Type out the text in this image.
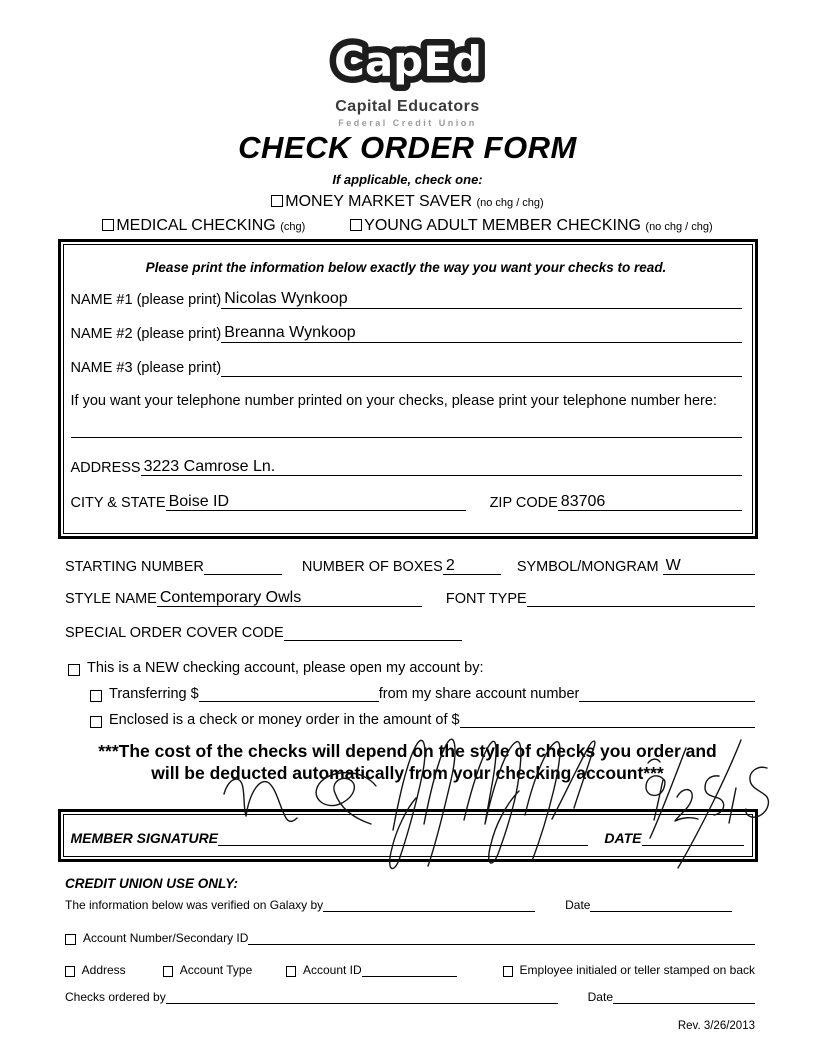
CapEd
Capital Educators
Federal Credit Union
CHECK ORDER FORM
If applicable, check one:
MONEY MARKET SAVER (no chg / chg)
MEDICAL CHECKING (chg)	YOUNG ADULT MEMBER CHECKING (no chg / chg)
Please print the information below exactly the way you want your checks to read.
NAME #1 (please print) Nicolas Wynkoop
NAME #2 (please print) Breanna Wynkoop
NAME #3 (please print)
If you want your telephone number printed on your checks, please print your telephone number here:
ADDRESS 3223 Camrose Ln.
CITY & STATE Boise ID	ZIP CODE 83706
STARTING NUMBER	NUMBER OF BOXES 2	SYMBOL/MONGRAM W
STYLE NAME Contemporary Owls	FONT TYPE
SPECIAL ORDER COVER CODE
This is a NEW checking account, please open my account by:
Transferring $	from my share account number
Enclosed is a check or money order in the amount of $
***The cost of the checks will depend on the style of checks you order and
will be deducted automatically from your checking account***
MEMBER SIGNATURE	DATE
CREDIT UNION USE ONLY:
The information below was verified on Galaxy by	Date
Account Number/Secondary ID
Address	Account Type	Account ID	Employee initialed or teller stamped on back
Checks ordered by	Date
Rev. 3/26/2013
